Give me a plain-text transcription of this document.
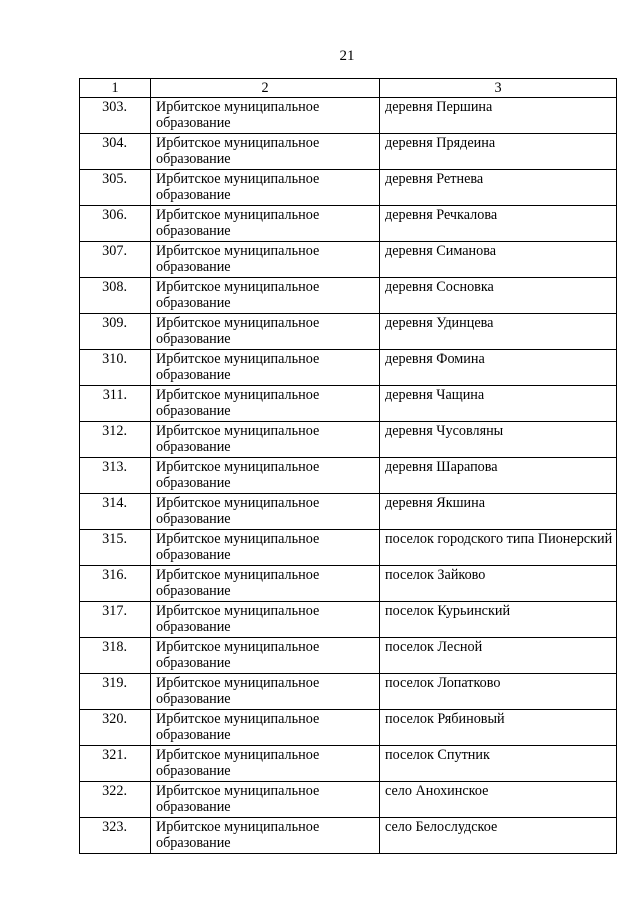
21
1	2	3
303.	Ирбитское муниципальное образование	деревня Першина
304.	Ирбитское муниципальное образование	деревня Прядеина
305.	Ирбитское муниципальное образование	деревня Ретнева
306.	Ирбитское муниципальное образование	деревня Речкалова
307.	Ирбитское муниципальное образование	деревня Симанова
308.	Ирбитское муниципальное образование	деревня Сосновка
309.	Ирбитское муниципальное образование	деревня Удинцева
310.	Ирбитское муниципальное образование	деревня Фомина
311.	Ирбитское муниципальное образование	деревня Чащина
312.	Ирбитское муниципальное образование	деревня Чусовляны
313.	Ирбитское муниципальное образование	деревня Шарапова
314.	Ирбитское муниципальное образование	деревня Якшина
315.	Ирбитское муниципальное образование	поселок городского типа Пионерский
316.	Ирбитское муниципальное образование	поселок Зайково
317.	Ирбитское муниципальное образование	поселок Курьинский
318.	Ирбитское муниципальное образование	поселок Лесной
319.	Ирбитское муниципальное образование	поселок Лопатково
320.	Ирбитское муниципальное образование	поселок Рябиновый
321.	Ирбитское муниципальное образование	поселок Спутник
322.	Ирбитское муниципальное образование	село Анохинское
323.	Ирбитское муниципальное образование	село Белослудское
